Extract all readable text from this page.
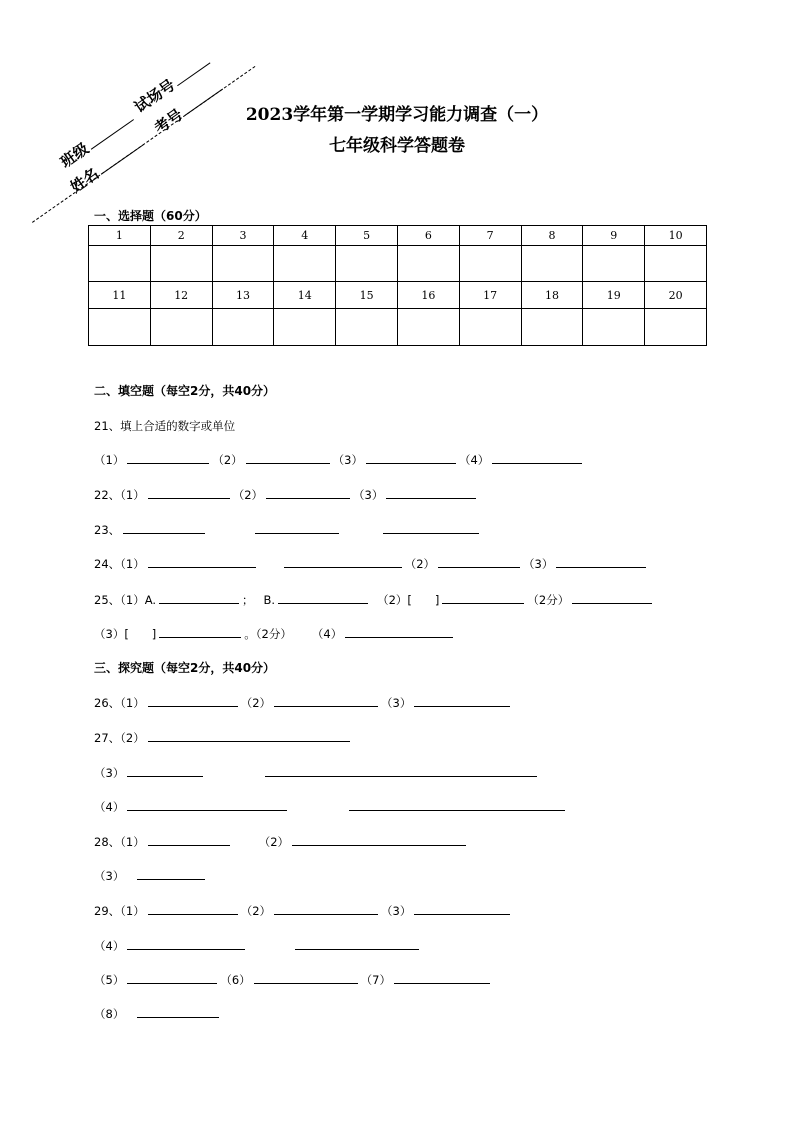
班级
试场号
姓名
考号	2023学年第一学期学习能力调查（一）
七年级科学答题卷
一、选择题（60分）
1	2	3	4	5	6	7	8	9	10

11	12	13	14	15	16	17	18	19	20

二、填空题（每空2分，共40分）
21、填上合适的数字或单位
（1）	（2）	（3）	（4）
22、（1）	（2）	（3）
23、
24、（1）	（2）	（3）
25、（1）A.	； B.	（2）[　　]	（2分）
（3）[　　]	。（2分） （4）
三、探究题（每空2分，共40分）
26、（1）	（2）	（3）
27、（2）
（3）
（4）
28、（1）	（2）
（3）
29、（1）	（2）	（3）
（4）
（5）	（6）	（7）
（8）
